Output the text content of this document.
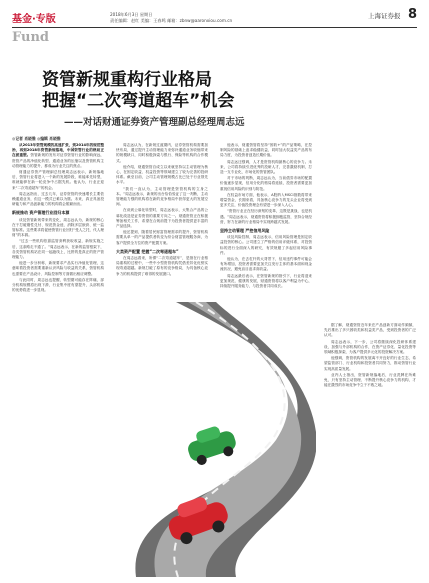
基金·专版	2018年6月3日 星期日
责任编辑：赵红 美编：王春鸣 邮箱：zbnw@aaronxiou.com.cn	上海证券报 8
Fund
资管新规重构行业格局
把握“二次弯道超车”机会
——对话财通证券资产管理副总经理周志远
◎记者 肖晓雅 ◎编辑 肖晓雅

从2013年资管规模的高速扩张，到2014年的规范整治，再到2018年资管新规落地，中国资管行业的格局正在被重塑。资管新规的发布对证券资管行业的影响深远，资管产品的净值化转型、通道业务的压缩以及资管机构主动管理能力的提升，都成为行业关注的焦点。

财通证券资产管理副总经理周志远表示，新规落地后，资管行业将进入一个新的发展阶段，谁能率先转型，谁就能够在新一轮竞争中占据先机。他认为，行业正迎来“二次弯道超车”的机会。

周志远指出，过去几年，证券资管的快速增长主要依赖通道业务，但这一模式已难以为继。未来，真正具备投研能力和产品创新能力的机构将会脱颖而出。

新规推动 资产管理行业回归本源

谈及资管新规带来的变化，周志远认为，新规的核心在于打破刚性兑付、规范资金池、消除多层嵌套、统一监管标准。这些要求将促使资管行业回归“受人之托、代人理财”的本源。

“过去一些机构依靠监管套利获取收益，新规实施之后，这条路走不通了。”周志远表示，在新的监管框架下，各类资管机构站在同一起跑线上，比拼的是真正的资产管理能力。

他进一步分析称，新规要求产品实行净值化管理，这意味着投资者需要重新认识风险与收益的关系，资管机构也需要在产品设计、风险控制等方面做出相应调整。

与此同时，周志远也提醒，转型期可能存在阵痛，部分机构规模将出现下滑，行业集中度有望提升，头部机构的优势将进一步显现。

周志远认为，在新规过渡期内，证券资管机构需要加快布局，通过提升主动管理能力来弥补通道业务收缩带来的规模缺口，同时积极探索与银行、保险等机构的合作模式。

他介绍，财通资管自成立以来就坚持以主动管理为核心，在固定收益、权益投资等领域建立了较为完善的投研体系。截至目前，公司主动管理规模占比已处于行业领先水平。

“我们一直认为，主动管理是资管机构的立身之本。”周志远表示，新规的出台恰恰验证了这一判断，主动管理能力强的机构将在新的竞争格局中获得更大的发展空间。

在谈到公募化转型时，周志远表示，大集合产品的公募化改造是证券资管的重要方向之一。财通资管正在积极筹备相关工作，希望在合规前提下为投资者提供更丰富的产品选择。

他还提到，随着居民财富管理需求的提升，资管机构需要从单一的产品提供者转变为综合财富管理服务商，为客户提供全方位的资产配置方案。

大类资产配置 把握“二次弯道超车”

在周志远看来，所谓“二次弯道超车”，是指在行业格局重构的过程中，一些中小型资管机构凭借差异化优势实现弯道超越。新规打破了原有的竞争格局，为具备核心竞争力的机构提供了难得的发展窗口。

他表示，财通资管将坚持“固收+”的产品策略，在控制风险的基础上追求稳健收益，同时加大权益类产品的布局力度，为投资者创造长期价值。

周志远还强调，人才是资管机构最核心的竞争力。未来，公司将持续引进优秀的投研人才，完善激励机制，打造一支专业化、市场化的资管团队。

对于市场的判断，周志远认为，当前债券市场的配置价值逐步显现，信用分化的格局将延续，投资者需要更加重视信用风险的识别与防范。

在权益市场方面，他表示，A股纳入MSCI指数将带来增量资金，长期来看，具备核心竞争力的龙头企业将受到更多关注，价值投资理念有望进一步深入人心。

“资管行业正在经历深刻的变革，这既是挑战，也是机遇。”周志远表示，财通资管将积极拥抱监管，坚持合规经营，努力在新的行业格局中实现跨越式发展。

坚持主动管理 严控信用风险

谈及风险控制，周志远表示，信用风险管理是固定收益投资的核心。公司建立了严格的信用评级体系，对投资标的进行全面深入的研究，有效规避了多起信用风险事件。

他认为，在去杠杆的大背景下，信用违约事件可能会有所增加，投资者需要更加关注发行主体的基本面和现金流状况，避免盲目追求高收益。

周志远最后表示，在资管新规的指引下，行业将迎来更加规范、健康的发展，财通资管将以客户利益为中心，持续提升服务能力，与投资者共同成长。

据了解，财通资管近年来在产品创新方面动作频频，先后推出了多只固收类和权益类产品，受到投资者的广泛认可。

周志远表示，下一步，公司将继续深化投研体系建设，加强与外部机构的合作，在资产证券化、量化投资等领域积极探索，为客户提供多元化的投资解决方案。

他强调，资管机构的发展离不开良好的行业生态，希望监管部门、行业机构和投资者共同努力，推动资管行业实现高质量发展。

业内人士指出，资管新规落地后，行业洗牌在所难免，只有坚持主动管理、不断提升核心竞争力的机构，才能在激烈的市场竞争中立于不败之地。
